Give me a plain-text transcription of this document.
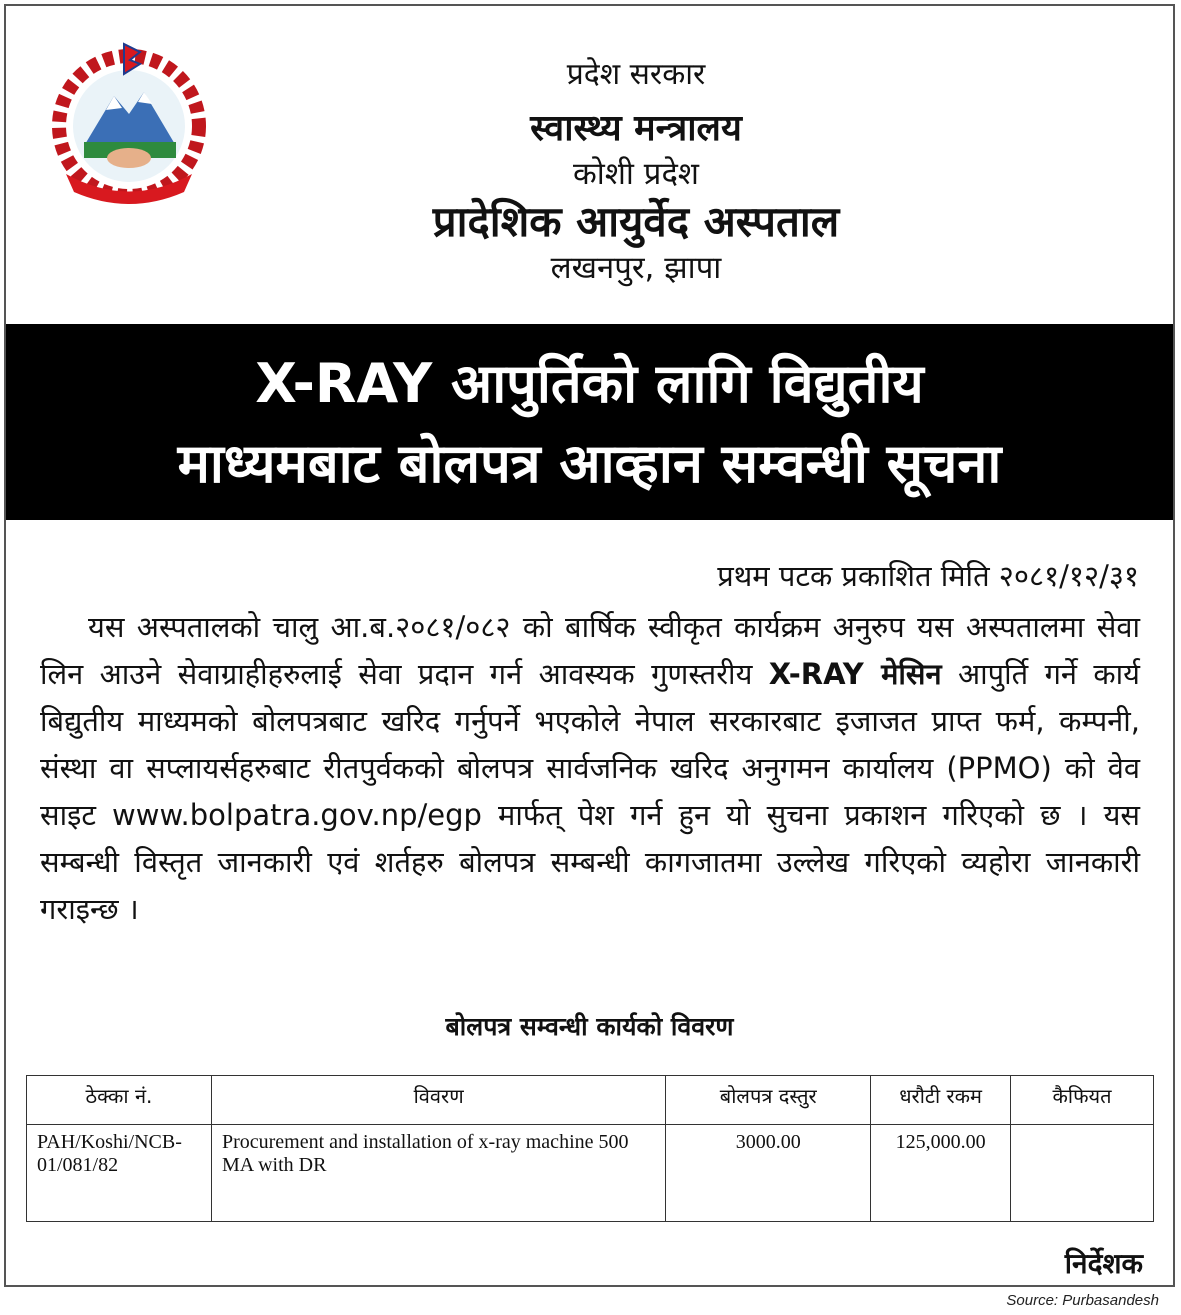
प्रदेश सरकार
स्वास्थ्य मन्त्रालय
कोशी प्रदेश
प्रादेशिक आयुर्वेद अस्पताल
लखनपुर, झापा
X-RAY आपुर्तिको लागि विद्युतीय
माध्यमबाट बोलपत्र आव्हान सम्वन्धी सूचना
प्रथम पटक प्रकाशित मिति २०८१/१२/३१
यस अस्पतालको चालु आ.ब.२०८१/०८२ को बार्षिक स्वीकृत कार्यक्रम अनुरुप यस अस्पतालमा सेवा लिन आउने सेवाग्राहीहरुलाई सेवा प्रदान गर्न आवस्यक गुणस्तरीय X-RAY मेसिन आपुर्ति गर्ने कार्य बिद्युतीय माध्यमको बोलपत्रबाट खरिद गर्नुपर्ने भएकोले नेपाल सरकारबाट इजाजत प्राप्त फर्म, कम्पनी, संस्था वा सप्लायर्सहरुबाट रीतपुर्वकको बोलपत्र सार्वजनिक खरिद अनुगमन कार्यालय (PPMO) को वेव साइट www.bolpatra.gov.np/egp मार्फत् पेश गर्न हुन यो सुचना प्रकाशन गरिएको छ । यस सम्बन्धी विस्तृत जानकारी एवं शर्तहरु बोलपत्र सम्बन्धी कागजातमा उल्लेख गरिएको व्यहोरा जानकारी गराइन्छ ।
बोलपत्र सम्वन्धी कार्यको विवरण
ठेक्का नं.	विवरण	बोलपत्र दस्तुर	धरौटी रकम	कैफियत
PAH/Koshi/NCB-01/081/82	Procurement and installation of x-ray machine 500 MA with DR	3000.00	125,000.00	
निर्देशक
Source: Purbasandesh
